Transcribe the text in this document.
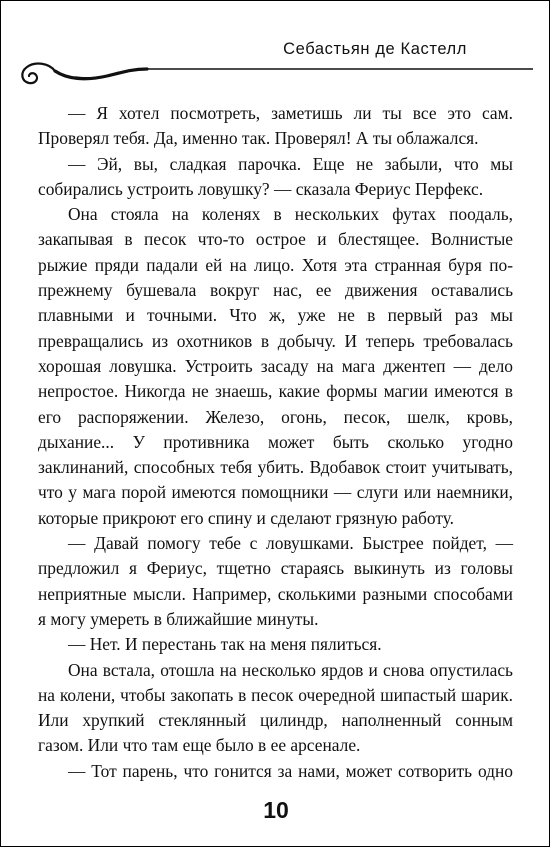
Себастьян де Кастелл

— Я хотел посмотреть, заметишь ли ты все это сам. Проверял тебя. Да, именно так. Проверял! А ты облажался.

— Эй, вы, сладкая парочка. Еще не забыли, что мы собирались устроить ловушку? — сказала Фериус Перфекс.

Она стояла на коленях в нескольких футах поодаль, закапывая в песок что-то острое и блестящее. Волнистые рыжие пряди падали ей на лицо. Хотя эта странная буря по-прежнему бушевала вокруг нас, ее движения оставались плавными и точными. Что ж, уже не в первый раз мы превращались из охотников в добычу. И теперь требовалась хорошая ловушка. Устроить засаду на мага джентеп — дело непростое. Никогда не знаешь, какие формы магии имеются в его распоряжении. Железо, огонь, песок, шелк, кровь, дыхание... У противника может быть сколько угодно заклинаний, способных тебя убить. Вдобавок стоит учитывать, что у мага порой имеются помощники — слуги или наемники, которые прикроют его спину и сделают грязную работу.

— Давай помогу тебе с ловушками. Быстрее пойдет, — предложил я Фериус, тщетно стараясь выкинуть из головы неприятные мысли. Например, сколькими разными способами я могу умереть в ближайшие минуты.

— Нет. И перестань так на меня пялиться.

Она встала, отошла на несколько ярдов и снова опустилась на колени, чтобы закопать в песок очередной шипастый шарик. Или хрупкий стеклянный цилиндр, наполненный сонным газом. Или что там еще было в ее арсенале.

— Тот парень, что гонится за нами, может сотворить одно

10
